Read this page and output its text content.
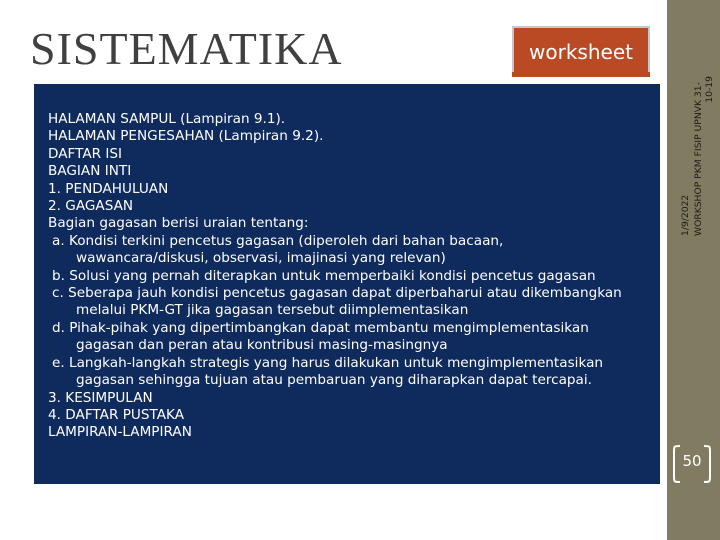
SISTEMATIKA	worksheet
HALAMAN SAMPUL (Lampiran 9.1).
HALAMAN PENGESAHAN (Lampiran 9.2).
DAFTAR ISI
BAGIAN INTI
1. PENDAHULUAN
2. GAGASAN
Bagian gagasan berisi uraian tentang:
a. Kondisi terkini pencetus gagasan (diperoleh dari bahan bacaan,
wawancara/diskusi, observasi, imajinasi yang relevan)
b. Solusi yang pernah diterapkan untuk memperbaiki kondisi pencetus gagasan
c. Seberapa jauh kondisi pencetus gagasan dapat diperbaharui atau dikembangkan
melalui PKM-GT jika gagasan tersebut diimplementasikan
d. Pihak-pihak yang dipertimbangkan dapat membantu mengimplementasikan
gagasan dan peran atau kontribusi masing-masingnya
e. Langkah-langkah strategis yang harus dilakukan untuk mengimplementasikan
gagasan sehingga tujuan atau pembaruan yang diharapkan dapat tercapai.
3. KESIMPULAN
4. DAFTAR PUSTAKA
LAMPIRAN-LAMPIRAN
1/9/2022 WORKSHOP PKM FISIP UPNVK 31- 10-19
50
